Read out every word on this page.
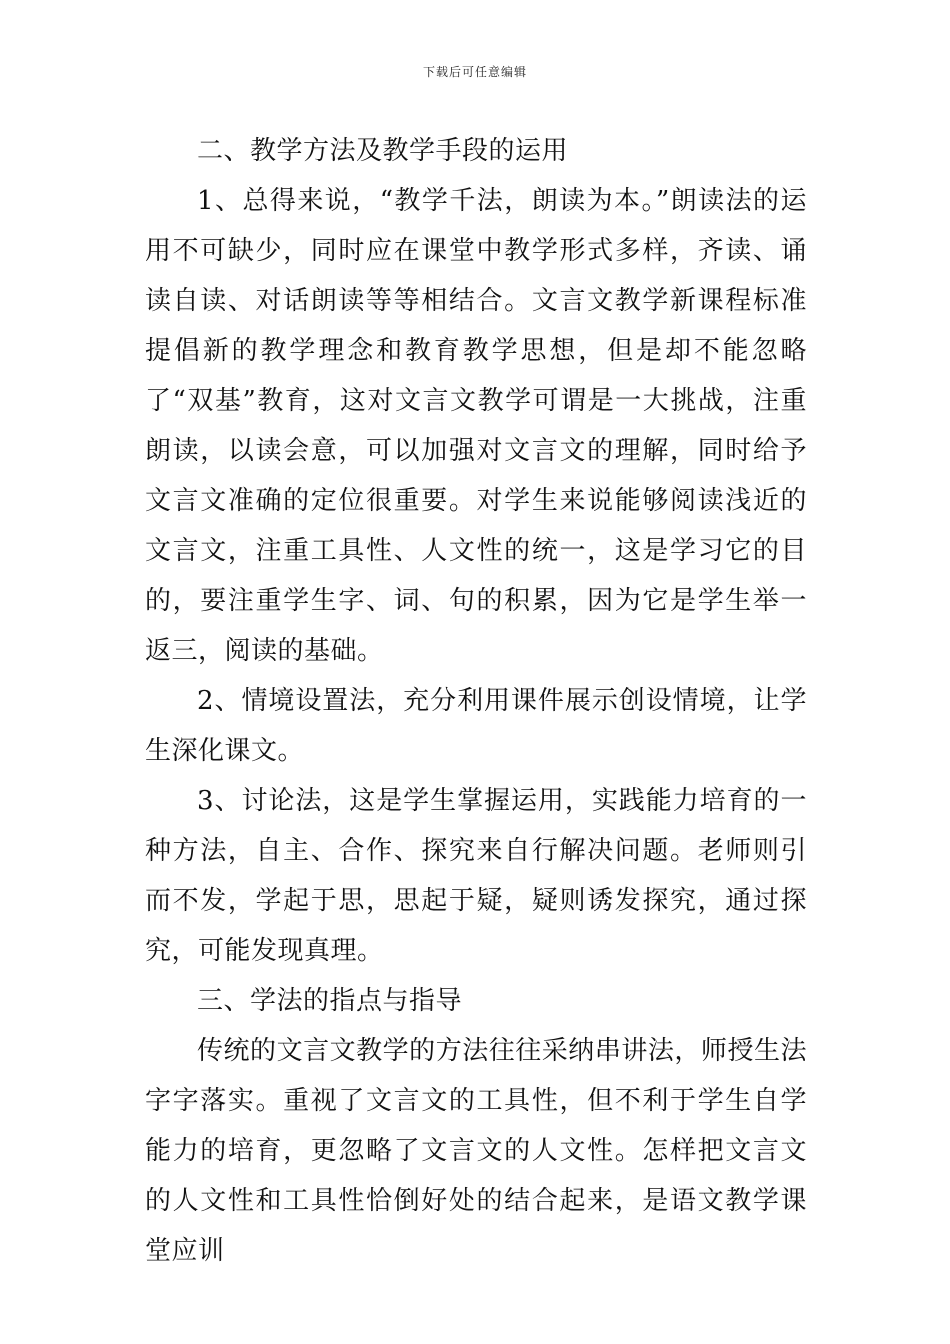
下载后可任意编辑

二、教学方法及教学手段的运用

1、总得来说，“教学千法，朗读为本。”朗读法的运用不可缺少，同时应在课堂中教学形式多样，齐读、诵读自读、对话朗读等等相结合。文言文教学新课程标准提倡新的教学理念和教育教学思想，但是却不能忽略了“双基”教育，这对文言文教学可谓是一大挑战，注重朗读，以读会意，可以加强对文言文的理解，同时给予文言文准确的定位很重要。对学生来说能够阅读浅近的文言文，注重工具性、人文性的统一，这是学习它的目的，要注重学生字、词、句的积累，因为它是学生举一返三，阅读的基础。

2、情境设置法，充分利用课件展示创设情境，让学生深化课文。

3、讨论法，这是学生掌握运用，实践能力培育的一种方法，自主、合作、探究来自行解决问题。老师则引而不发，学起于思，思起于疑，疑则诱发探究，通过探究，可能发现真理。

三、学法的指点与指导

传统的文言文教学的方法往往采纳串讲法，师授生法字字落实。重视了文言文的工具性，但不利于学生自学能力的培育，更忽略了文言文的人文性。怎样把文言文的人文性和工具性恰倒好处的结合起来，是语文教学课堂应训
